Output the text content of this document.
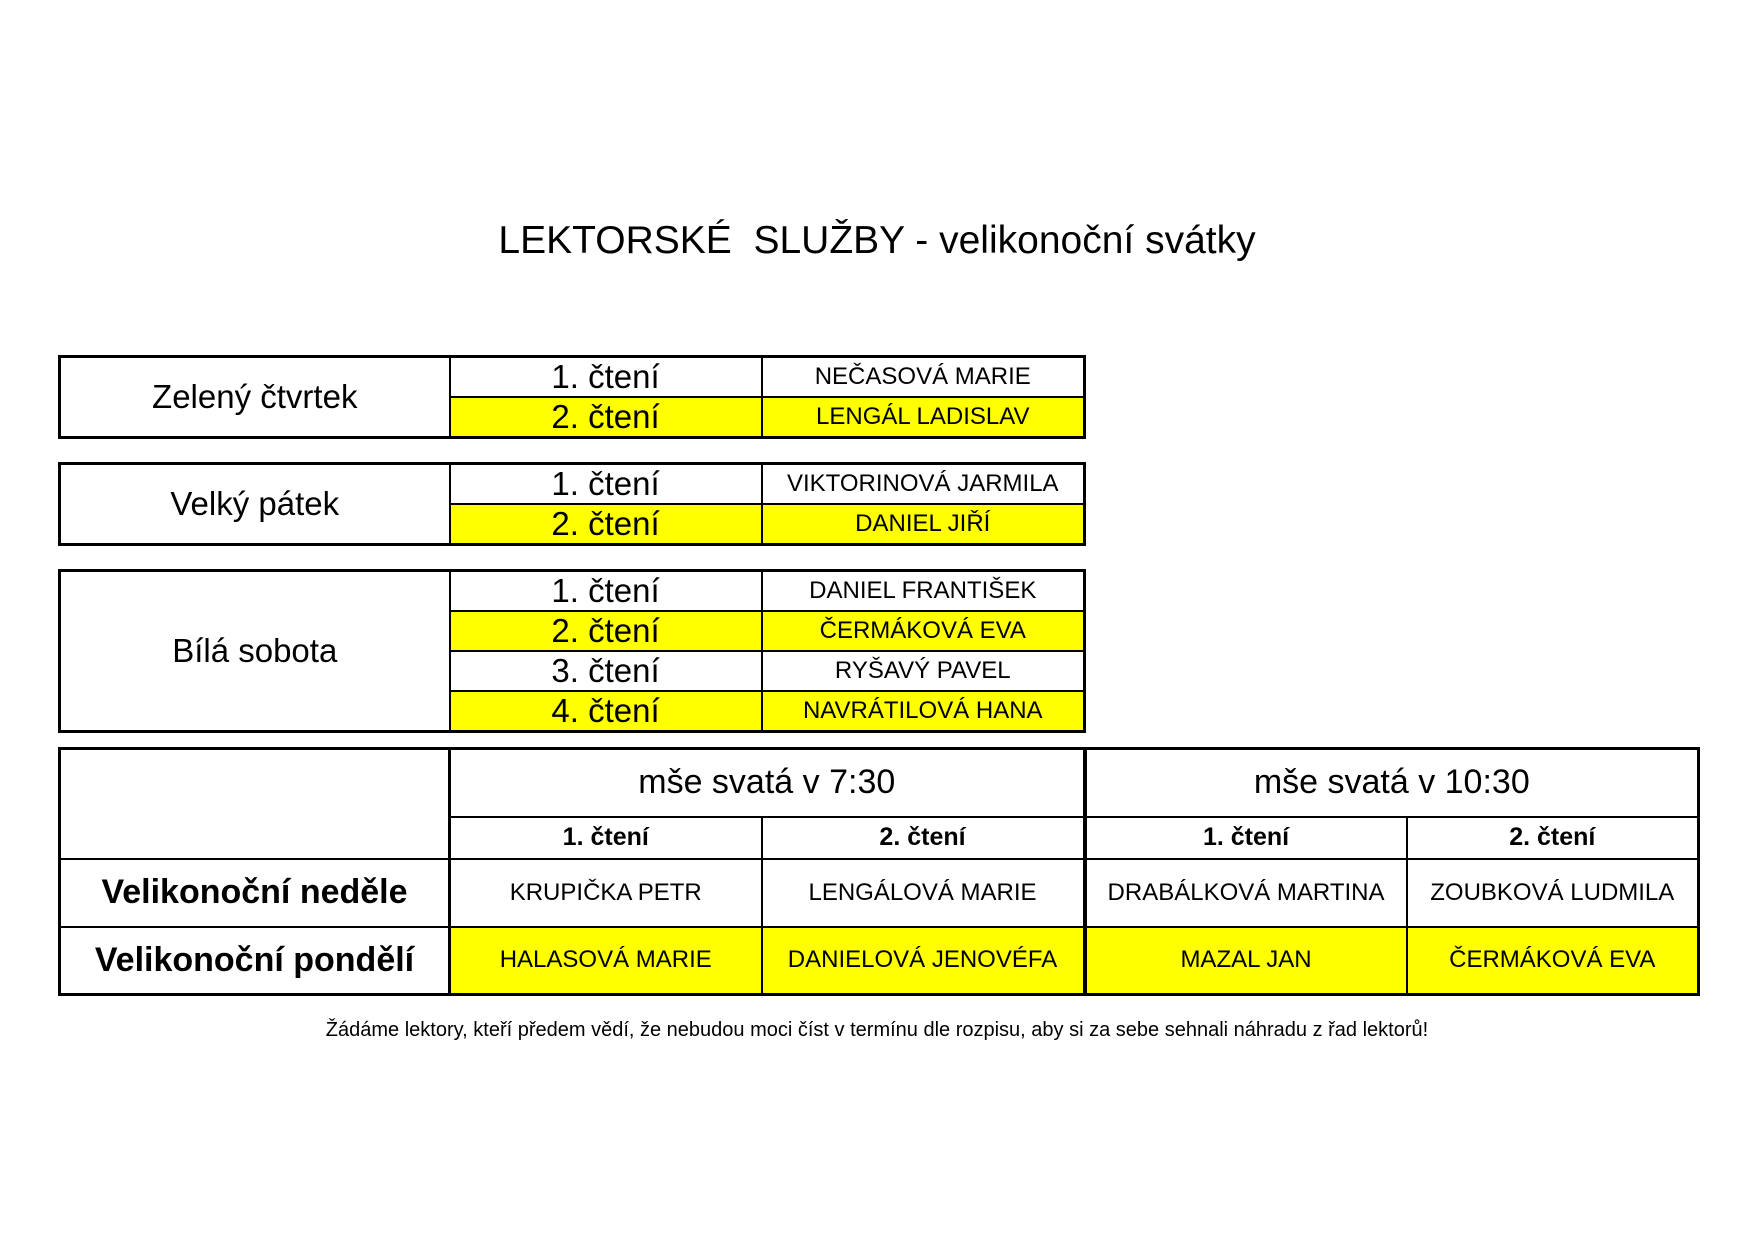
LEKTORSKÉ  SLUŽBY - velikonoční svátky
Zelený čtvrtek	1. čtení	NEČASOVÁ MARIE
	2. čtení	LENGÁL LADISLAV
Velký pátek	1. čtení	VIKTORINOVÁ JARMILA
	2. čtení	DANIEL JIŘÍ
Bílá sobota	1. čtení	DANIEL FRANTIŠEK
	2. čtení	ČERMÁKOVÁ EVA
	3. čtení	RYŠAVÝ PAVEL
	4. čtení	NAVRÁTILOVÁ HANA
	mše svatá v 7:30		mše svatá v 10:30	
	1. čtení	2. čtení	1. čtení	2. čtení
Velikonoční neděle	KRUPIČKA PETR	LENGÁLOVÁ MARIE	DRABÁLKOVÁ MARTINA	ZOUBKOVÁ LUDMILA
Velikonoční pondělí	HALASOVÁ MARIE	DANIELOVÁ JENOVÉFA	MAZAL JAN	ČERMÁKOVÁ EVA
Žádáme lektory, kteří předem vědí, že nebudou moci číst v termínu dle rozpisu, aby si za sebe sehnali náhradu z řad lektorů!
